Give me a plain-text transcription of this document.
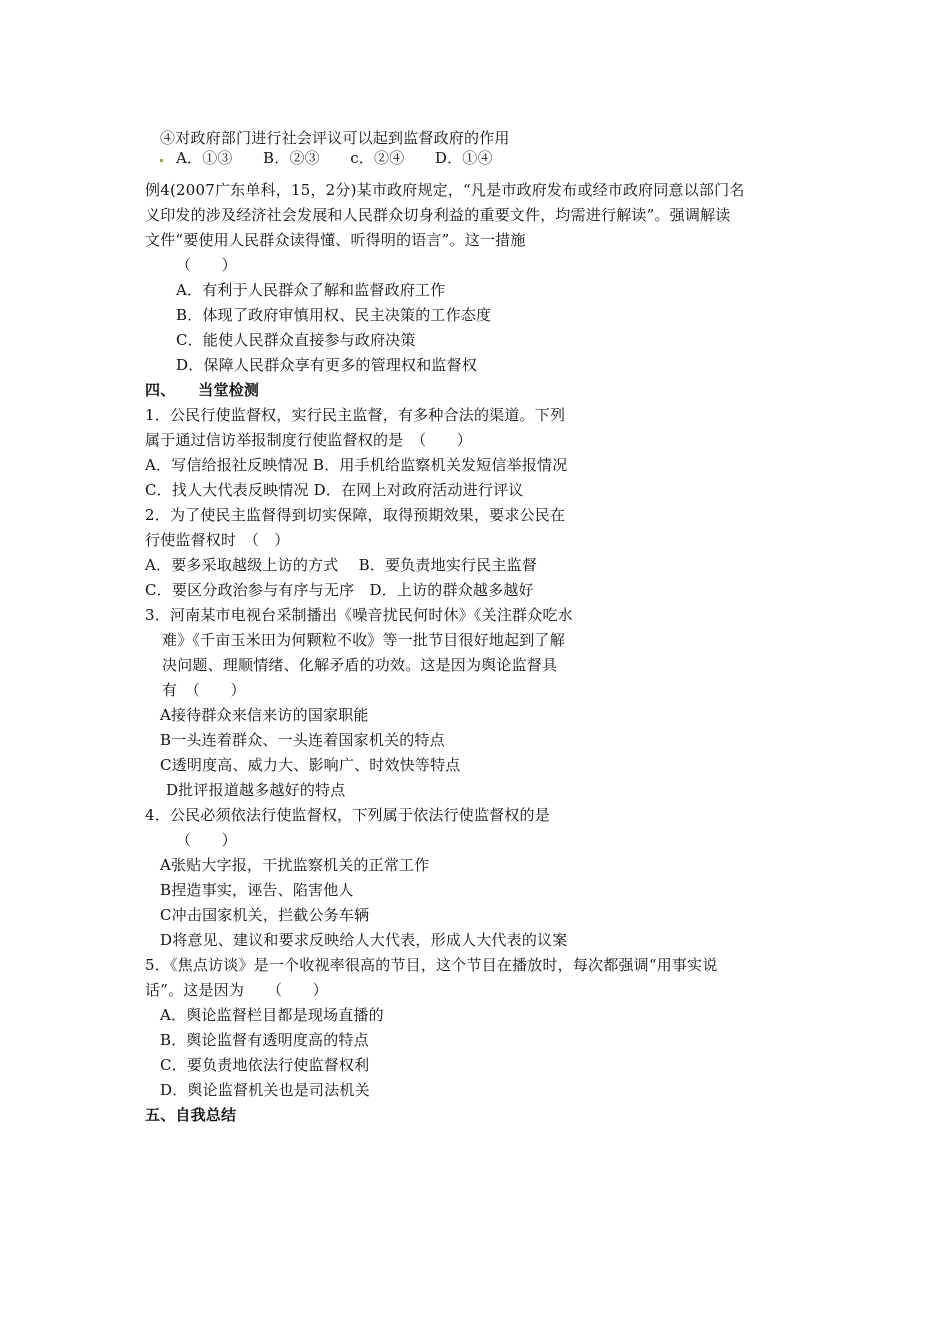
④对政府部门进行社会评议可以起到监督政府的作用
A．①③　　B．②③　　c．②④　　D．①④
例4(2007广东单科，15，2分)某市政府规定，“凡是市政府发布或经市政府同意以部门名
义印发的涉及经济社会发展和人民群众切身利益的重要文件，均需进行解读”。强调解读
文件“要使用人民群众读得懂、听得明的语言”。这一措施
（　　）
A．有利于人民群众了解和监督政府工作
B．体现了政府审慎用权、民主决策的工作态度
C．能使人民群众直接参与政府决策
D．保障人民群众享有更多的管理权和监督权
四、　　当堂检测
1．公民行使监督权，实行民主监督，有多种合法的渠道。下列
属于通过信访举报制度行使监督权的是　（　　）
A．写信给报社反映情况 B．用手机给监察机关发短信举报情况
C．找人大代表反映情况 D．在网上对政府活动进行评议
2．为了使民主监督得到切实保障，取得预期效果，要求公民在
行使监督权时　（　）
A．要多采取越级上访的方式　 B．要负责地实行民主监督
C．要区分政治参与有序与无序　D．上访的群众越多越好
3．河南某市电视台采制播出《噪音扰民何时休》《关注群众吃水
难》《千亩玉米田为何颗粒不收》等一批节目很好地起到了解
决问题、理顺情绪、化解矛盾的功效。这是因为舆论监督具
有　（　　）
A接待群众来信来访的国家职能
B一头连着群众、一头连着国家机关的特点
C透明度高、威力大、影响广、时效快等特点
D批评报道越多越好的特点
4．公民必须依法行使监督权，下列属于依法行使监督权的是
（　　）
A张贴大字报，干扰监察机关的正常工作
B捏造事实，诬告、陷害他人
C冲击国家机关，拦截公务车辆
D将意见、建议和要求反映给人大代表，形成人大代表的议案
5．《焦点访谈》是一个收视率很高的节目，这个节目在播放时，每次都强调“用事实说
话”。这是因为　　（　　）
A．舆论监督栏目都是现场直播的
B．舆论监督有透明度高的特点
C．要负责地依法行使监督权利
D．舆论监督机关也是司法机关
五、自我总结
